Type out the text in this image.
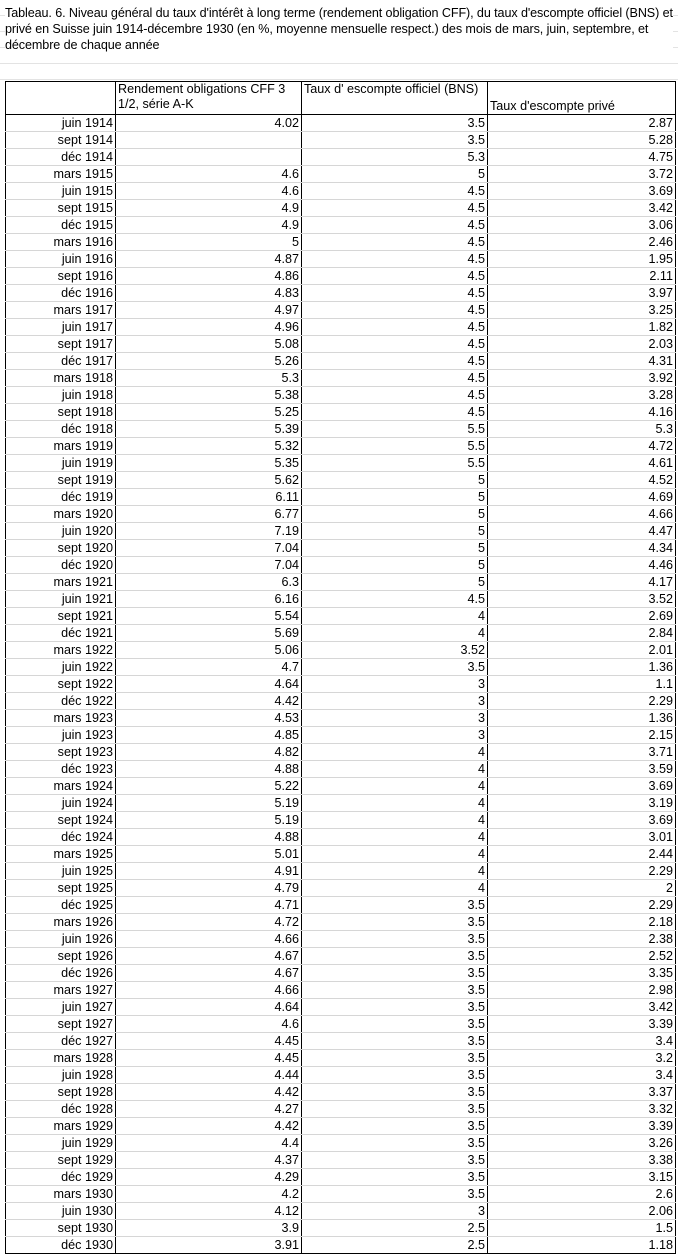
Tableau. 6. Niveau général du taux d'intérêt à long terme (rendement obligation CFF), du taux d'escompte officiel (BNS) et privé en Suisse juin 1914-décembre 1930 (en %, moyenne mensuelle respect.) des mois de mars, juin, septembre, et décembre de chaque année
	Rendement obligations CFF 3 1/2, série A-K	Taux d' escompte officiel (BNS)	Taux d'escompte privé
juin 1914	4.02	3.5	2.87
sept 1914		3.5	5.28
déc 1914		5.3	4.75
mars 1915	4.6	5	3.72
juin 1915	4.6	4.5	3.69
sept 1915	4.9	4.5	3.42
déc 1915	4.9	4.5	3.06
mars 1916	5	4.5	2.46
juin 1916	4.87	4.5	1.95
sept 1916	4.86	4.5	2.11
déc 1916	4.83	4.5	3.97
mars 1917	4.97	4.5	3.25
juin 1917	4.96	4.5	1.82
sept 1917	5.08	4.5	2.03
déc 1917	5.26	4.5	4.31
mars 1918	5.3	4.5	3.92
juin 1918	5.38	4.5	3.28
sept 1918	5.25	4.5	4.16
déc 1918	5.39	5.5	5.3
mars 1919	5.32	5.5	4.72
juin 1919	5.35	5.5	4.61
sept 1919	5.62	5	4.52
déc 1919	6.11	5	4.69
mars 1920	6.77	5	4.66
juin 1920	7.19	5	4.47
sept 1920	7.04	5	4.34
déc 1920	7.04	5	4.46
mars 1921	6.3	5	4.17
juin 1921	6.16	4.5	3.52
sept 1921	5.54	4	2.69
déc 1921	5.69	4	2.84
mars 1922	5.06	3.52	2.01
juin 1922	4.7	3.5	1.36
sept 1922	4.64	3	1.1
déc 1922	4.42	3	2.29
mars 1923	4.53	3	1.36
juin 1923	4.85	3	2.15
sept 1923	4.82	4	3.71
déc 1923	4.88	4	3.59
mars 1924	5.22	4	3.69
juin 1924	5.19	4	3.19
sept 1924	5.19	4	3.69
déc 1924	4.88	4	3.01
mars 1925	5.01	4	2.44
juin 1925	4.91	4	2.29
sept 1925	4.79	4	2
déc 1925	4.71	3.5	2.29
mars 1926	4.72	3.5	2.18
juin 1926	4.66	3.5	2.38
sept 1926	4.67	3.5	2.52
déc 1926	4.67	3.5	3.35
mars 1927	4.66	3.5	2.98
juin 1927	4.64	3.5	3.42
sept 1927	4.6	3.5	3.39
déc 1927	4.45	3.5	3.4
mars 1928	4.45	3.5	3.2
juin 1928	4.44	3.5	3.4
sept 1928	4.42	3.5	3.37
déc 1928	4.27	3.5	3.32
mars 1929	4.42	3.5	3.39
juin 1929	4.4	3.5	3.26
sept 1929	4.37	3.5	3.38
déc 1929	4.29	3.5	3.15
mars 1930	4.2	3.5	2.6
juin 1930	4.12	3	2.06
sept 1930	3.9	2.5	1.5
déc 1930	3.91	2.5	1.18
